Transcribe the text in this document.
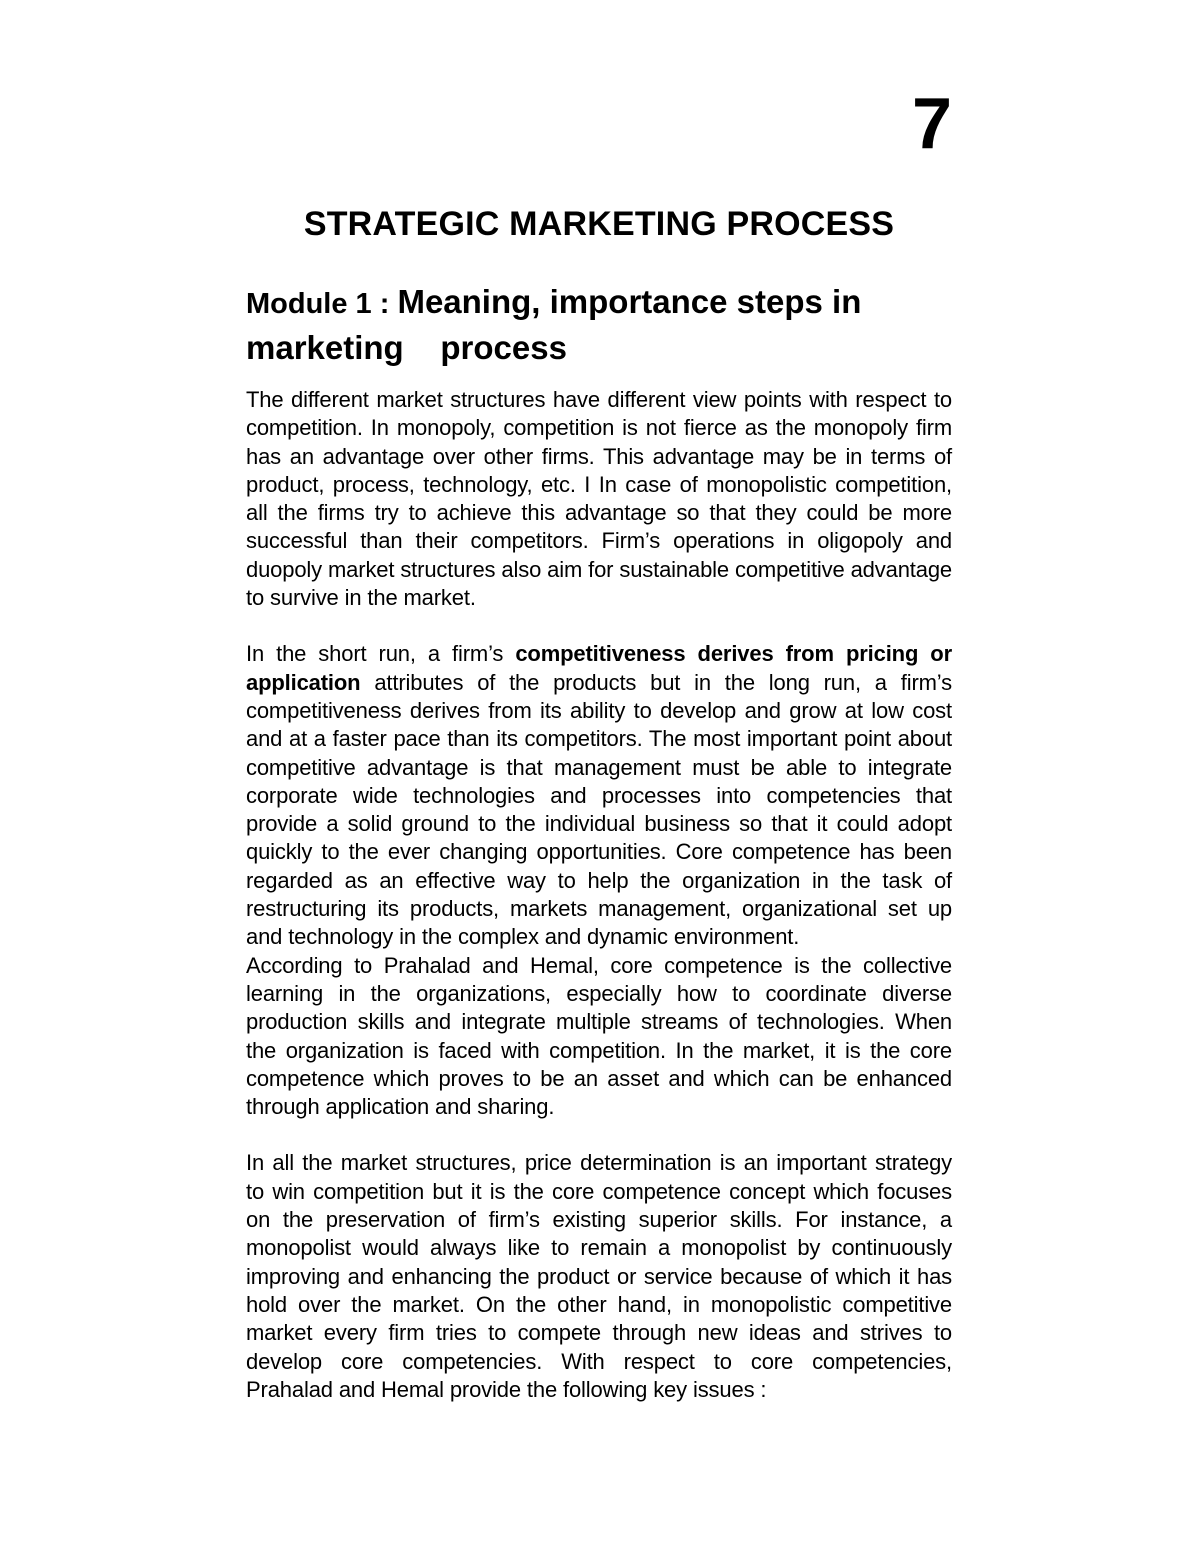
7
STRATEGIC MARKETING PROCESS
Module 1 : Meaning, importance steps in
marketing    process

The different market structures have different view points with respect to competition. In monopoly, competition is not fierce as the monopoly firm has an advantage over other firms. This advantage may be in terms of product, process, technology, etc. I In case of monopolistic competition, all the firms try to achieve this advantage so that they could be more successful than their competitors. Firm’s operations in oligopoly and duopoly market structures also aim for sustainable competitive advantage to survive in the market.

In the short run, a firm’s competitiveness derives from pricing or application attributes of the products but in the long run, a firm’s competitiveness derives from its ability to develop and grow at low cost and at a faster pace than its competitors. The most important point about competitive advantage is that management must be able to integrate corporate wide technologies and processes into competencies that provide a solid ground to the individual business so that it could adopt quickly to the ever changing opportunities. Core competence has been regarded as an effective way to help the organization in the task of restructuring its products, markets management, organizational set up and technology in the complex and dynamic environment.

According to Prahalad and Hemal, core competence is the collective learning in the organizations, especially how to coordinate diverse production skills and integrate multiple streams of technologies. When the organization is faced with competition. In the market, it is the core competence which proves to be an asset and which can be enhanced through application and sharing.

In all the market structures, price determination is an important strategy to win competition but it is the core competence concept which focuses on the preservation of firm’s existing superior skills. For instance, a monopolist would always like to remain a monopolist by continuously improving and enhancing the product or service because of which it has hold over the market. On the other hand, in monopolistic competitive market every firm tries to compete through new ideas and strives to develop core competencies. With respect to core competencies, Prahalad and Hemal provide the following key issues :
